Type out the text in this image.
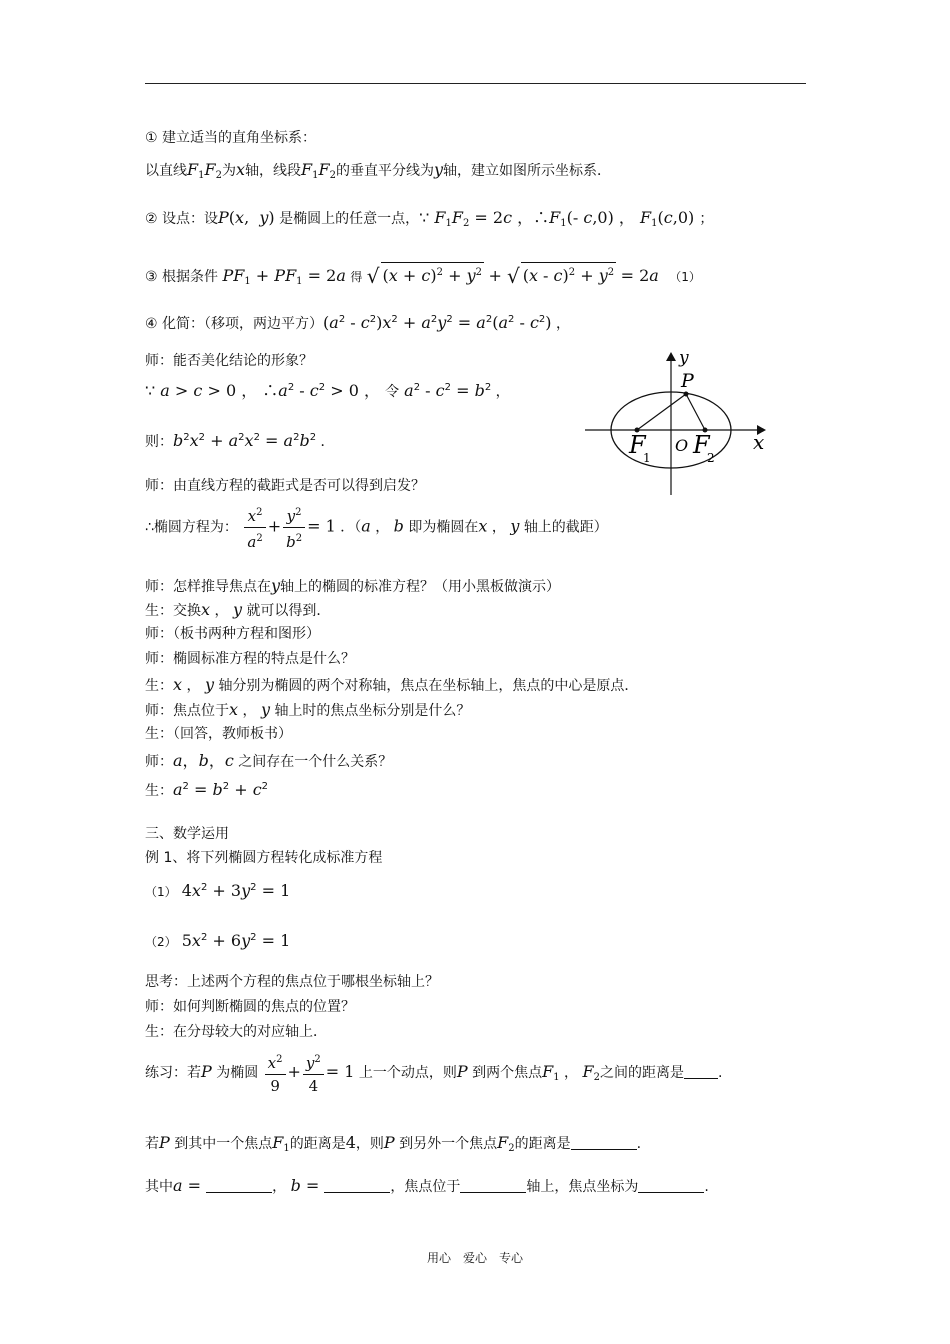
① 建立适当的直角坐标系：
以直线$F_1F_2$为x轴，线段$F_1F_2$的垂直平分线为y轴，建立如图所示坐标系．
② 设点：设P(x,  y) 是椭圆上的任意一点，∵ $F_1F_2 = 2c$ ，$\therefore F_1(-$ c,0) ， $F_1(c,0)$ ；
③ 根据条件 $PF_1 + PF_1 = 2a$ 得 √ $(x + c)^2 + y^2$ + √ $(x - c)^2 + y^2 = 2a$ （1）
④ 化简：（移项，两边平方）$(a^2 - c^2)x^2 + a^2y^2 = a^2(a^2 - c^2)$ ，
师：能否美化结论的形象？
∵ a > c > 0 ， $\therefore a^2 - c^2 > 0$ ， 令 $a^2 - c^2 = b^2$ ，
则：$b^2x^2 + a^2x^2 = a^2b^2$ ．
师：由直线方程的截距式是否可以得到启发？
∴椭圆方程为： $\frac{x^2}{a^2} + \frac{y^2}{b^2} = 1$ ．（a ， b 即为椭圆在x ， y 轴上的截距）
师：怎样推导焦点在y轴上的椭圆的标准方程？（用小黑板做演示）
生：交换x ， y 就可以得到．
师：（板书两种方程和图形）
师：椭圆标准方程的特点是什么？
生：x ， y 轴分别为椭圆的两个对称轴，焦点在坐标轴上，焦点的中心是原点．
师：焦点位于x ， y 轴上时的焦点坐标分别是什么？
生：（回答，教师板书）
师：a，b，c 之间存在一个什么关系？
生：$a^2 = b^2 + c^2$
三、数学运用
例 1、将下列椭圆方程转化成标准方程
（1） $4x^2 + 3y^2 = 1$
（2） $5x^2 + 6y^2 = 1$
思考：上述两个方程的焦点位于哪根坐标轴上？
师：如何判断椭圆的焦点的位置？
生：在分母较大的对应轴上．
练习：若P 为椭圆 $\frac{x^2}{9} + \frac{y^2}{4} = 1$ 上一个动点，则P 到两个焦点$F_1$ ， $F_2$之间的距离是 .
若P 到其中一个焦点$F_1$的距离是4，则P 到另外一个焦点$F_2$的距离是	.
其中a =	， b =	，焦点位于	轴上，焦点坐标为	.
y
x
P
O
F
1 F
2
用心　爱心　专心
